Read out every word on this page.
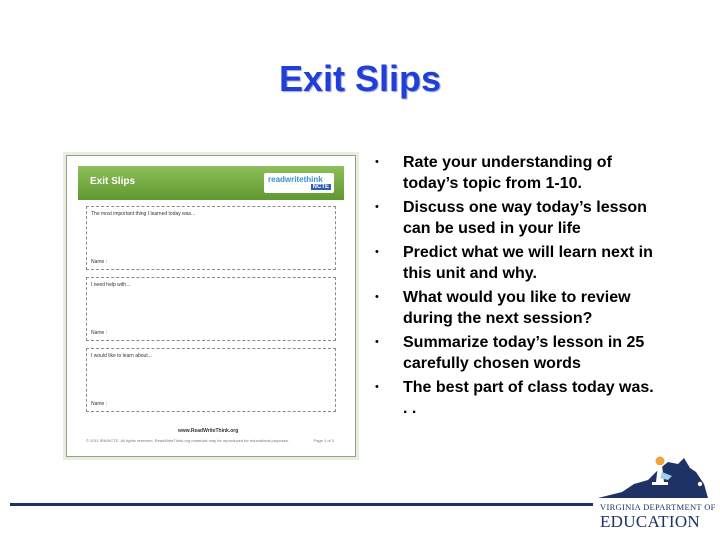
Exit Slips
Exit Slips	readwritethink
NCTE
The most important thing I learned today was...
Name :
I need help with...
Name :
I would like to learn about...
Name :
www.ReadWriteThink.org
© 2011 IRA/NCTE. All rights reserved. ReadWriteThink.org materials may be reproduced for educational purposes.	Page 1 of 3
• Rate your understanding of today’s topic from 1-10.
• Discuss one way today’s lesson can be used in your life
• Predict what we will learn next in this unit and why.
• What would you like to review during the next session?
• Summarize today’s lesson in 25 carefully chosen words
• The best part of class today was. . .
VIRGINIA DEPARTMENT OF
EDUCATION
